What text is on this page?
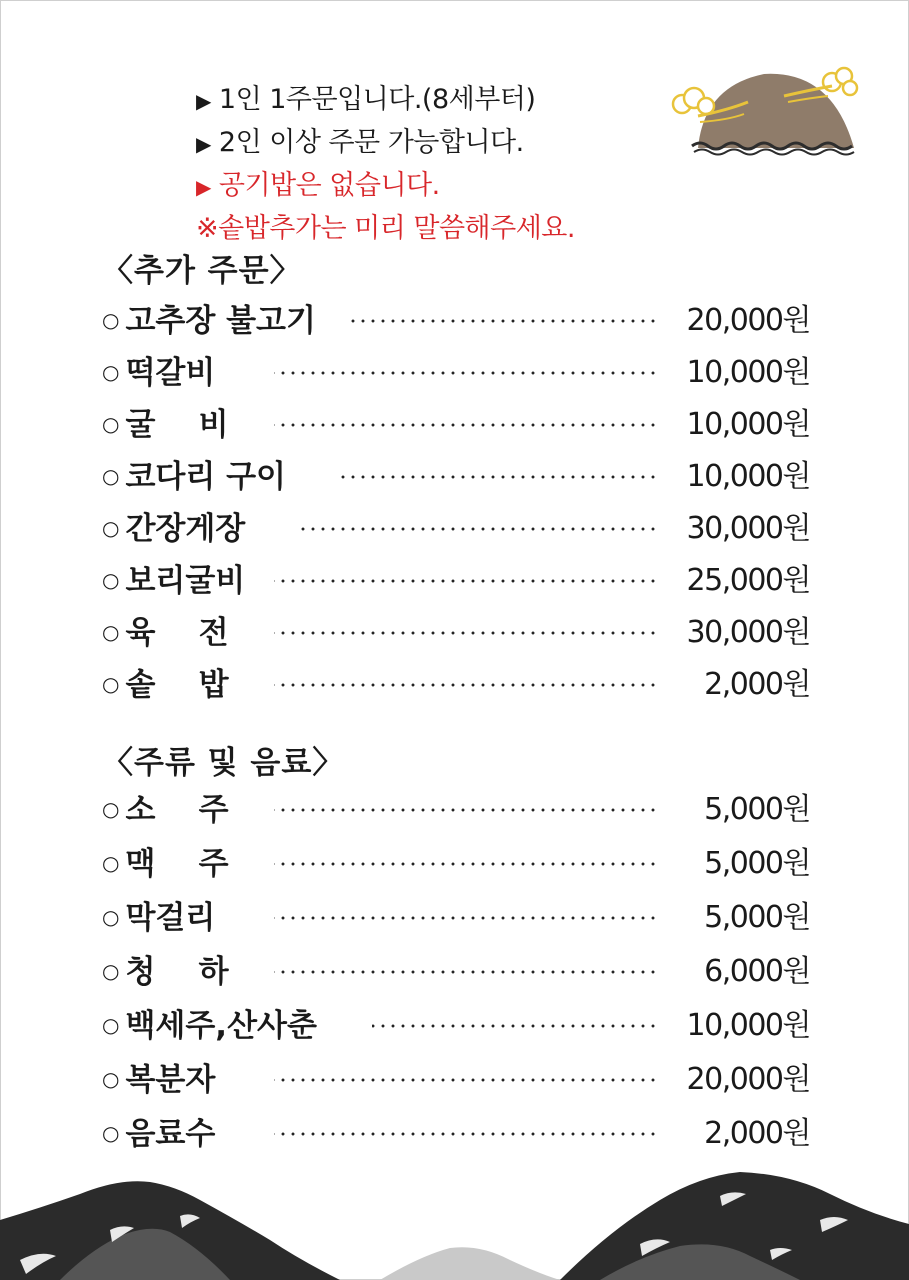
▶ 1인 1주문입니다.(8세부터)
▶ 2인 이상 주문 가능합니다.
▶ 공기밥은 없습니다.
※솥밥추가는 미리 말씀해주세요.
〈추가 주문〉
○ 고추장 불고기	20,000원
○ 떡갈비	10,000원
○ 굴    비	10,000원
○ 코다리 구이	10,000원
○ 간장게장	30,000원
○ 보리굴비	25,000원
○ 육    전	30,000원
○ 솥    밥	2,000원
〈주류 및 음료〉
○ 소    주	5,000원
○ 맥    주	5,000원
○ 막걸리	5,000원
○ 청    하	6,000원
○ 백세주,산사춘	10,000원
○ 복분자	20,000원
○ 음료수	2,000원
